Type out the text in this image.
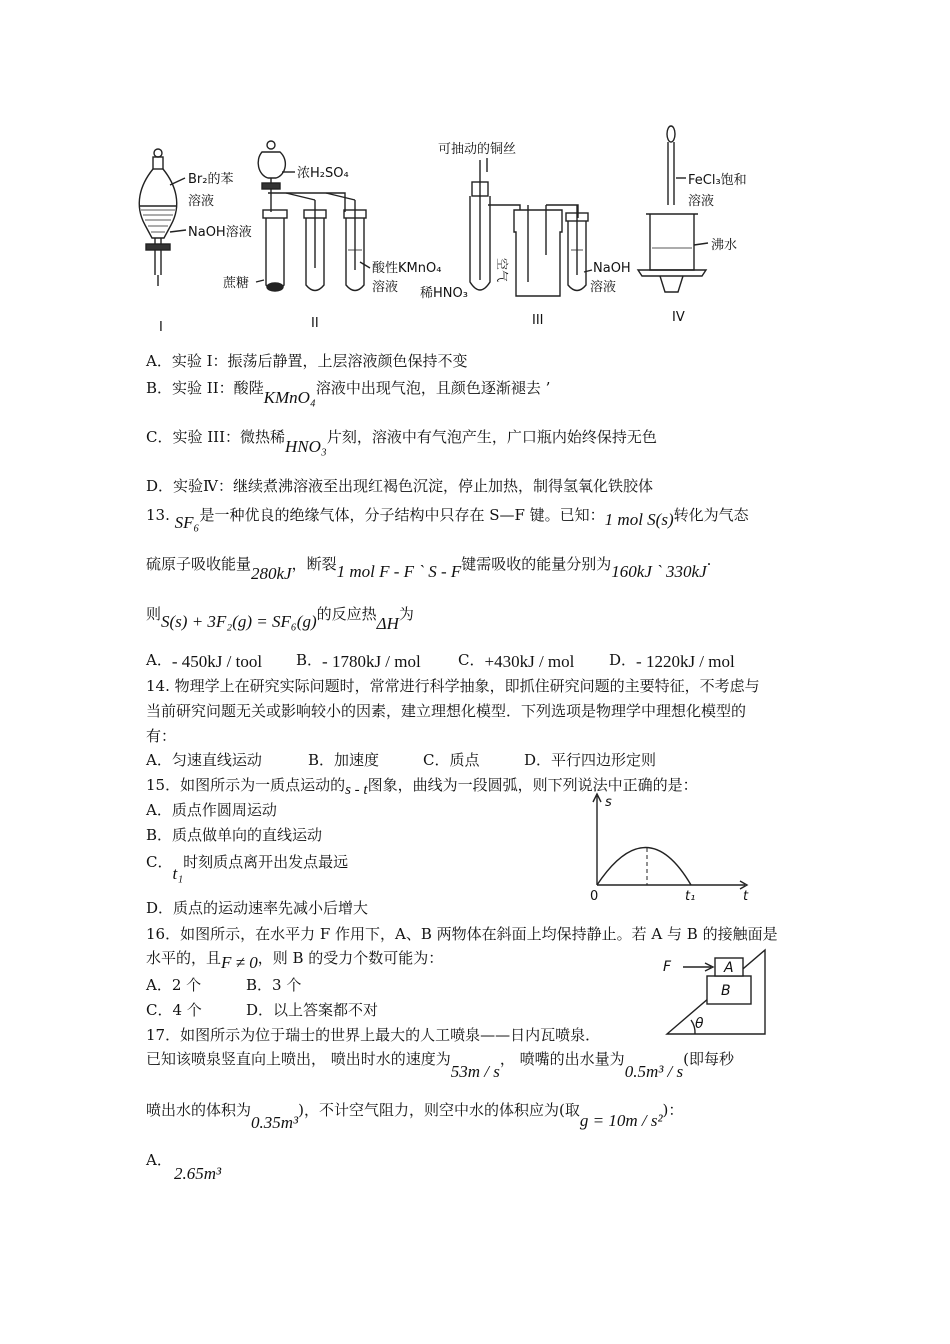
Br₂的苯
溶液
NaOH溶液
浓H₂SO₄
蔗糖
酸性KMnO₄
溶液
可抽动的铜丝
空气
稀HNO₃
NaOH
溶液
FeCl₃饱和
溶液
沸水
I	II	III	IV
A．实验 I：振荡后静置，上层溶液颜色保持不变
B．实验 II：酸陛KMnO₄溶液中出现气泡，且颜色逐渐褪去 ’
C．实验 III：微热稀HNO₃片刻，溶液中有气泡产生，广口瓶内始终保持无色
D．实验Ⅳ：继续煮沸溶液至出现红褐色沉淀，停止加热，制得氢氧化铁胶体
13. SF₆是一种优良的绝缘气体，分子结构中只存在 S—F 键。已知：1 mol S(s)转化为气态
硫原子吸收能量280kJ，断裂1 mol F - F ` S - F键需吸收的能量分别为160kJ ` 330kJ·
则S(s) + 3F₂(g) = SF₆(g)的反应热ΔH为
A．- 450kJ / tool B．- 1780kJ / mol C．+430kJ / mol D．- 1220kJ / mol
14. 物理学上在研究实际问题时，常常进行科学抽象，即抓住研究问题的主要特征，不考虑与
当前研究问题无关或影响较小的因素，建立理想化模型．下列选项是物理学中理想化模型的
有：
A．匀速直线运动	B．加速度	C．质点	D．平行四边形定则
15．如图所示为一质点运动的s - t图象，曲线为一段圆弧，则下列说法中正确的是：
A．质点作圆周运动
B．质点做单向的直线运动
C．t₁时刻质点离开出发点最远
D．质点的运动速率先减小后增大
s
t
0	t₁
16．如图所示，在水平力 F 作用下，A、B 两物体在斜面上均保持静止。若 A 与 B 的接触面是
水平的，且F ≠ 0，则 B 的受力个数可能为：
A．2 个	B．3 个
C．4 个	D．以上答案都不对
F	A
B
θ
17．如图所示为位于瑞士的世界上最大的人工喷泉——日内瓦喷泉．
已知该喷泉竖直向上喷出， 喷出时水的速度为53m / s， 喷嘴的出水量为0.5m³ / s(即每秒
喷出水的体积为0.35m³)，不计空气阻力，则空中水的体积应为(取g = 10m / s²)：
A．
2.65m³
